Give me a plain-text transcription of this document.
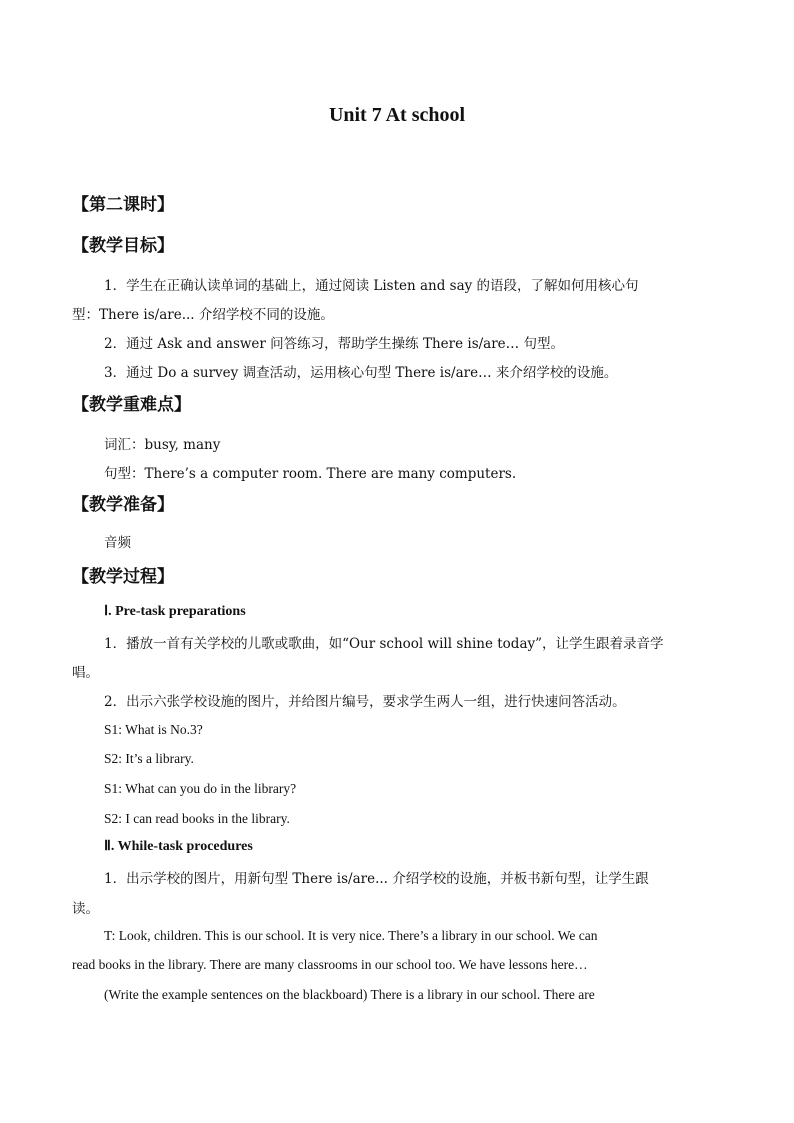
Unit 7 At school
【第二课时】
【教学目标】
1．学生在正确认读单词的基础上，通过阅读 Listen and say 的语段，了解如何用核心句
型：There is/are... 介绍学校不同的设施。
2．通过 Ask and answer 问答练习，帮助学生操练 There is/are… 句型。
3．通过 Do a survey 调查活动，运用核心句型 There is/are… 来介绍学校的设施。
【教学重难点】
词汇：busy, many
句型：There’s a computer room. There are many computers.
【教学准备】
音频
【教学过程】
Ⅰ. Pre-task preparations
1．播放一首有关学校的儿歌或歌曲，如“Our school will shine today”，让学生跟着录音学
唱。
2．出示六张学校设施的图片，并给图片编号，要求学生两人一组，进行快速问答活动。
S1: What is No.3?
S2: It’s a library.
S1: What can you do in the library?
S2: I can read books in the library.
Ⅱ. While-task procedures
1．出示学校的图片，用新句型 There is/are... 介绍学校的设施，并板书新句型，让学生跟
读。
T: Look, children. This is our school. It is very nice. There’s a library in our school. We can
read books in the library. There are many classrooms in our school too. We have lessons here…
(Write the example sentences on the blackboard) There is a library in our school. There are
